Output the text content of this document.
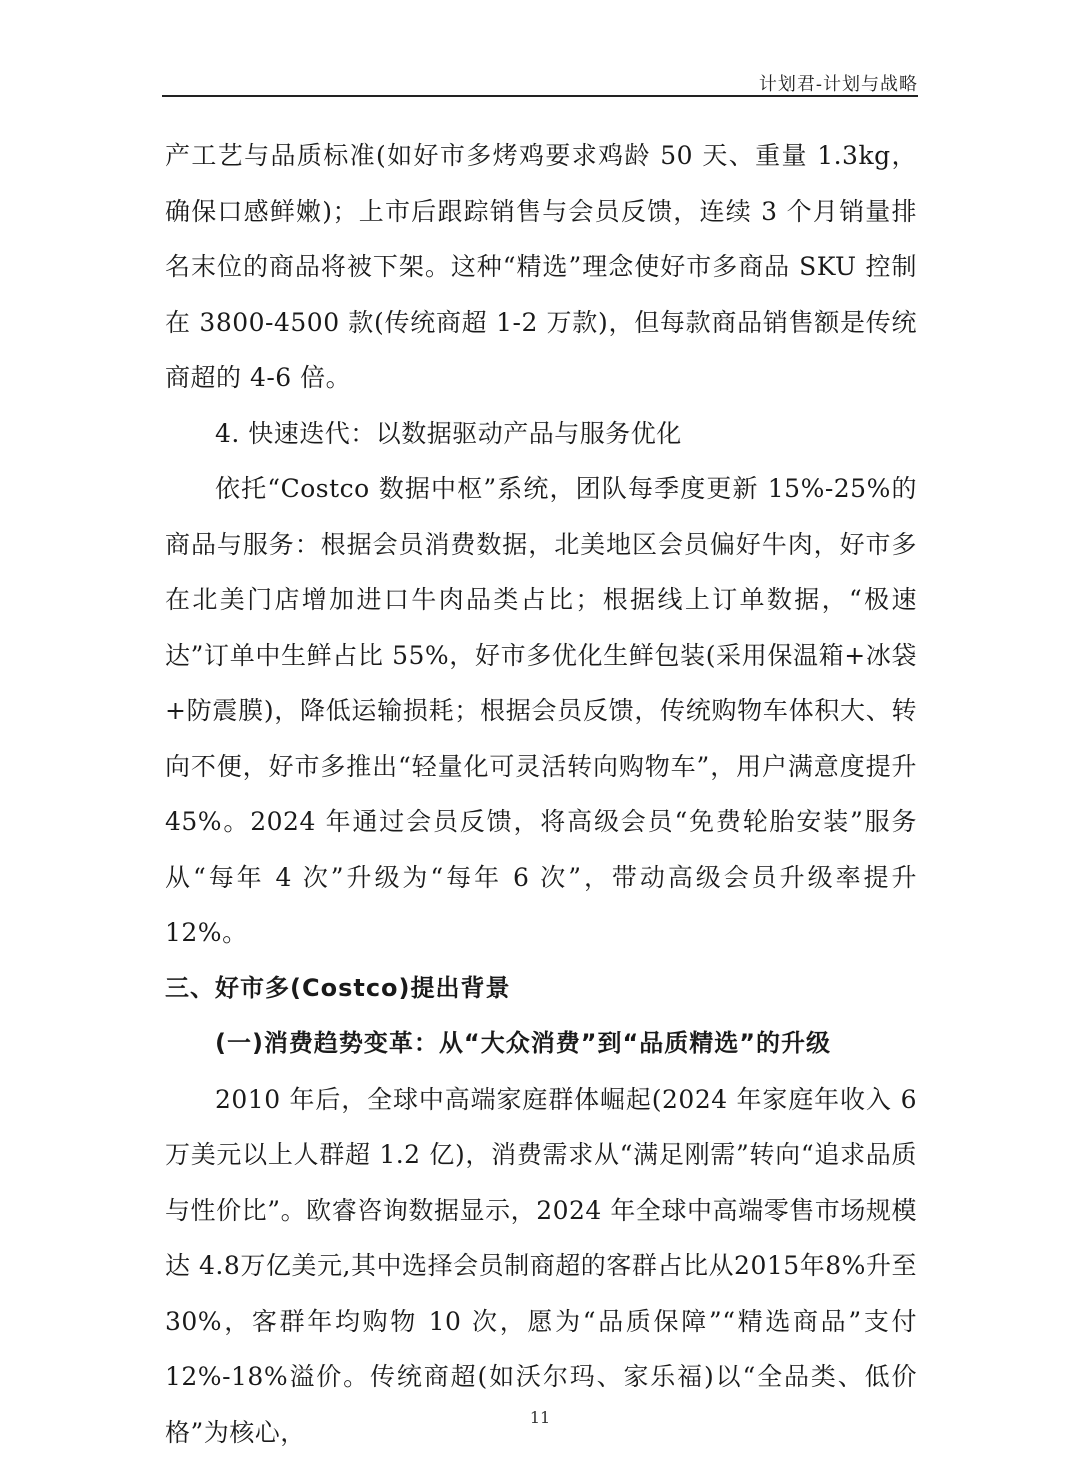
计划君-计划与战略

产工艺与品质标准(如好市多烤鸡要求鸡龄 50 天、重量 1.3kg，确保口感鲜嫩)；上市后跟踪销售与会员反馈，连续 3 个月销量排名末位的商品将被下架。这种“精选”理念使好市多商品 SKU 控制在 3800-4500 款(传统商超 1-2 万款)，但每款商品销售额是传统商超的 4-6 倍。

4. 快速迭代：以数据驱动产品与服务优化

依托“Costco 数据中枢”系统，团队每季度更新 15%-25%的商品与服务：根据会员消费数据，北美地区会员偏好牛肉，好市多在北美门店增加进口牛肉品类占比；根据线上订单数据，“极速达”订单中生鲜占比 55%，好市多优化生鲜包装(采用保温箱+冰袋+防震膜)，降低运输损耗；根据会员反馈，传统购物车体积大、转向不便，好市多推出“轻量化可灵活转向购物车”，用户满意度提升 45%。2024 年通过会员反馈，将高级会员“免费轮胎安装”服务从“每年 4 次”升级为“每年 6 次”，带动高级会员升级率提升 12%。

三、好市多(Costco)提出背景

(一)消费趋势变革：从“大众消费”到“品质精选”的升级

2010 年后，全球中高端家庭群体崛起(2024 年家庭年收入 6 万美元以上人群超 1.2 亿)，消费需求从“满足刚需”转向“追求品质与性价比”。欧睿咨询数据显示，2024 年全球中高端零售市场规模达 4.8万亿美元,其中选择会员制商超的客群占比从2015年8%升至30%，客群年均购物 10 次，愿为“品质保障”“精选商品”支付 12%-18%溢价。传统商超(如沃尔玛、家乐福)以“全品类、低价格”为核心，	11
